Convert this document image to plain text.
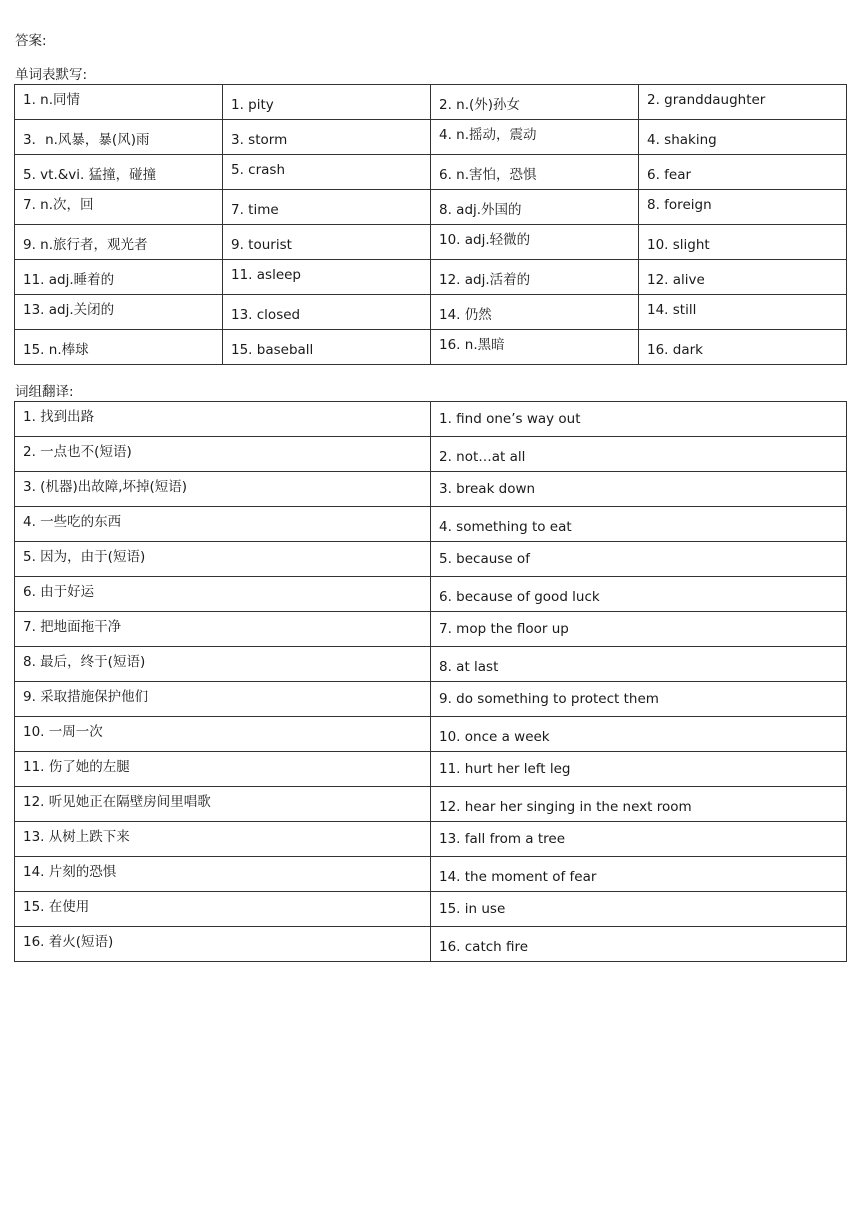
答案:
单词表默写:
1. n.同情	1. pity	2. n.(外)孙女	2. granddaughter
3．n.风暴，暴(风)雨	3. storm	4. n.摇动，震动	4. shaking
5. vt.&vi. 猛撞，碰撞	5. crash	6. n.害怕，恐惧	6. fear
7. n.次，回	7. time	8. adj.外国的	8. foreign
9. n.旅行者，观光者	9. tourist	10. adj.轻微的	10. slight
11. adj.睡着的	11. asleep	12. adj.活着的	12. alive
13. adj.关闭的	13. closed	14. 仍然	14. still
15. n.棒球	15. baseball	16. n.黑暗	16. dark
词组翻译:
1. 找到出路	1. find one’s way out
2. 一点也不(短语)	2. not…at all
3. (机器)出故障,坏掉(短语)	3. break down
4. 一些吃的东西	4. something to eat
5. 因为，由于(短语)	5. because of
6. 由于好运	6. because of good luck
7. 把地面拖干净	7. mop the floor up
8. 最后，终于(短语)	8. at last
9. 采取措施保护他们	9. do something to protect them
10. 一周一次	10. once a week
11. 伤了她的左腿	11. hurt her left leg
12. 听见她正在隔壁房间里唱歌	12. hear her singing in the next room
13. 从树上跌下来	13. fall from a tree
14. 片刻的恐惧	14. the moment of fear
15. 在使用	15. in use
16. 着火(短语)	16. catch fire
